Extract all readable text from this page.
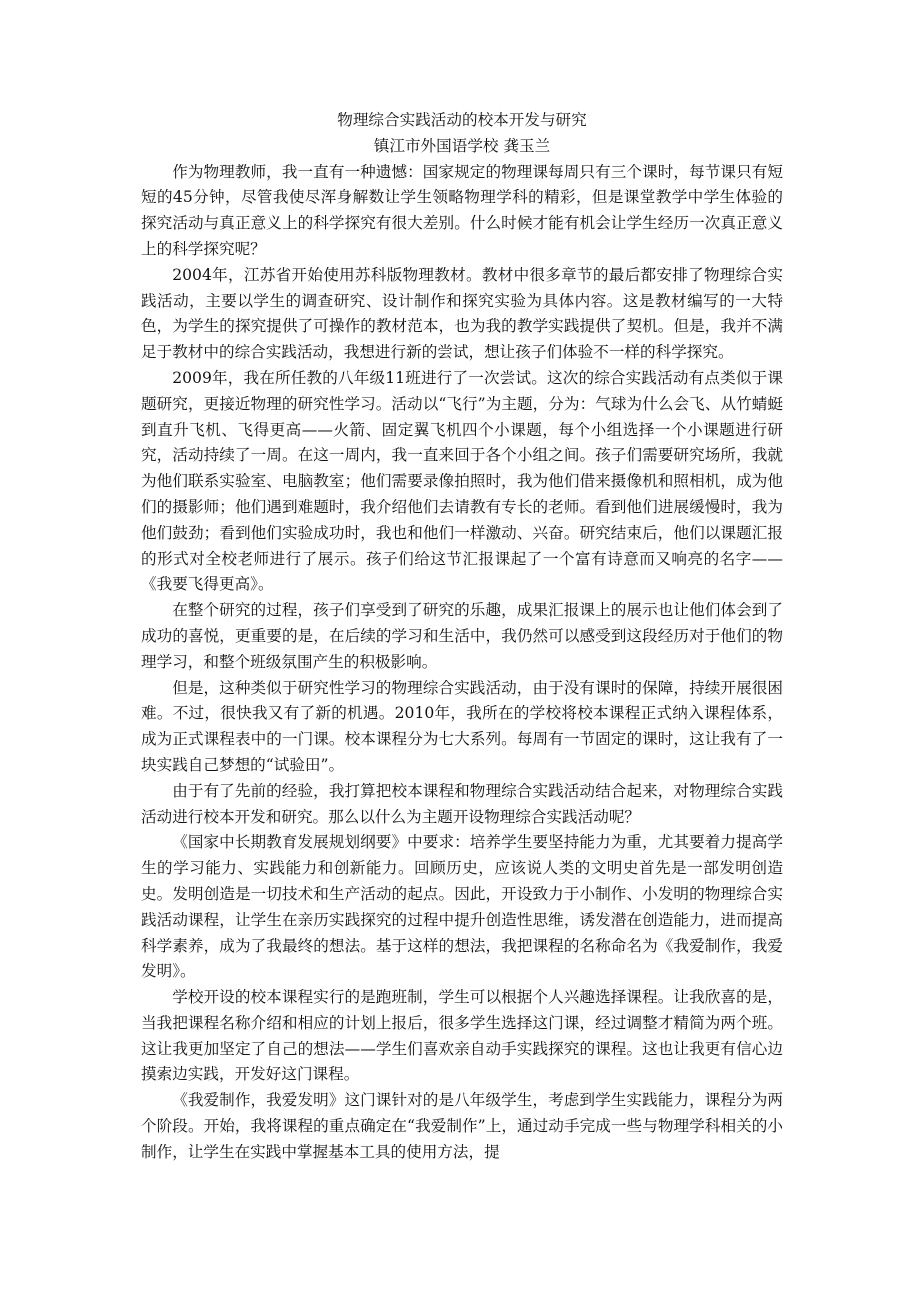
物理综合实践活动的校本开发与研究

镇江市外国语学校 龚玉兰

作为物理教师，我一直有一种遗憾：国家规定的物理课每周只有三个课时，每节课只有短短的45分钟，尽管我使尽浑身解数让学生领略物理学科的精彩，但是课堂教学中学生体验的探究活动与真正意义上的科学探究有很大差别。什么时候才能有机会让学生经历一次真正意义上的科学探究呢？

2004年，江苏省开始使用苏科版物理教材。教材中很多章节的最后都安排了物理综合实践活动，主要以学生的调查研究、设计制作和探究实验为具体内容。这是教材编写的一大特色，为学生的探究提供了可操作的教材范本，也为我的教学实践提供了契机。但是，我并不满足于教材中的综合实践活动，我想进行新的尝试，想让孩子们体验不一样的科学探究。

2009年，我在所任教的八年级11班进行了一次尝试。这次的综合实践活动有点类似于课题研究，更接近物理的研究性学习。活动以“飞行”为主题，分为：气球为什么会飞、从竹蜻蜓到直升飞机、飞得更高——火箭、固定翼飞机四个小课题，每个小组选择一个小课题进行研究，活动持续了一周。在这一周内，我一直来回于各个小组之间。孩子们需要研究场所，我就为他们联系实验室、电脑教室；他们需要录像拍照时，我为他们借来摄像机和照相机，成为他们的摄影师；他们遇到难题时，我介绍他们去请教有专长的老师。看到他们进展缓慢时，我为他们鼓劲；看到他们实验成功时，我也和他们一样激动、兴奋。研究结束后，他们以课题汇报的形式对全校老师进行了展示。孩子们给这节汇报课起了一个富有诗意而又响亮的名字——《我要飞得更高》。

在整个研究的过程，孩子们享受到了研究的乐趣，成果汇报课上的展示也让他们体会到了成功的喜悦，更重要的是，在后续的学习和生活中，我仍然可以感受到这段经历对于他们的物理学习，和整个班级氛围产生的积极影响。

但是，这种类似于研究性学习的物理综合实践活动，由于没有课时的保障，持续开展很困难。不过，很快我又有了新的机遇。2010年，我所在的学校将校本课程正式纳入课程体系，成为正式课程表中的一门课。校本课程分为七大系列。每周有一节固定的课时，这让我有了一块实践自己梦想的“试验田”。

由于有了先前的经验，我打算把校本课程和物理综合实践活动结合起来，对物理综合实践活动进行校本开发和研究。那么以什么为主题开设物理综合实践活动呢？

《国家中长期教育发展规划纲要》中要求：培养学生要坚持能力为重，尤其要着力提高学生的学习能力、实践能力和创新能力。回顾历史，应该说人类的文明史首先是一部发明创造史。发明创造是一切技术和生产活动的起点。因此，开设致力于小制作、小发明的物理综合实践活动课程，让学生在亲历实践探究的过程中提升创造性思维，诱发潜在创造能力，进而提高科学素养，成为了我最终的想法。基于这样的想法，我把课程的名称命名为《我爱制作，我爱发明》。

学校开设的校本课程实行的是跑班制，学生可以根据个人兴趣选择课程。让我欣喜的是，当我把课程名称介绍和相应的计划上报后，很多学生选择这门课，经过调整才精简为两个班。这让我更加坚定了自己的想法——学生们喜欢亲自动手实践探究的课程。这也让我更有信心边摸索边实践，开发好这门课程。

《我爱制作，我爱发明》这门课针对的是八年级学生，考虑到学生实践能力，课程分为两个阶段。开始，我将课程的重点确定在“我爱制作”上，通过动手完成一些与物理学科相关的小制作，让学生在实践中掌握基本工具的使用方法，提
